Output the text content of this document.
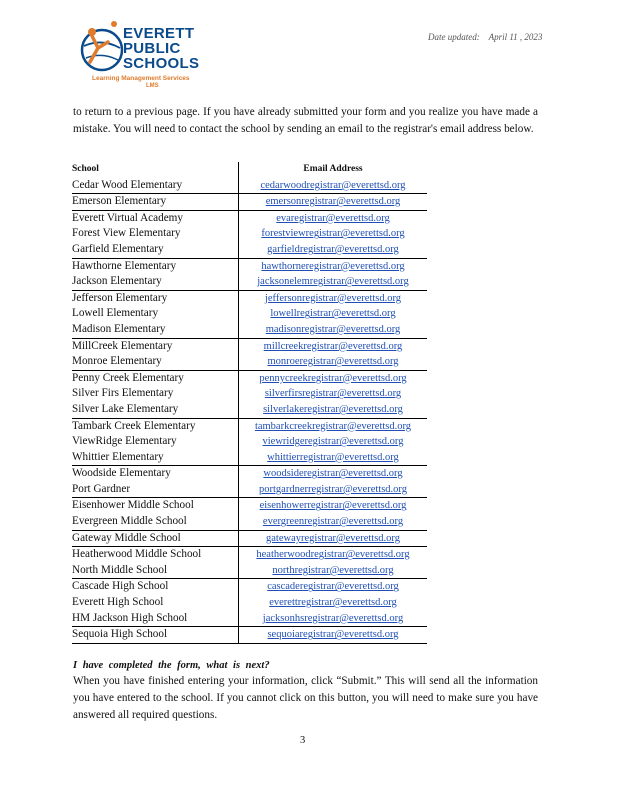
EVERETT
PUBLIC
SCHOOLS
Learning Management Services
LMS
Date updated: April 11 , 2023
to return to a previous page. If you have already submitted your form and you realize you have made a mistake. You will need to contact the school by sending an email to the registrar's email address below.
School	Email Address
Cedar Wood Elementary	cedarwoodregistrar@everettsd.org
Emerson Elementary	emersonregistrar@everettsd.org
Everett Virtual Academy	evaregistrar@everettsd.org
Forest View Elementary	forestviewregistrar@everettsd.org
Garfield Elementary	garfieldregistrar@everettsd.org
Hawthorne Elementary	hawthorneregistrar@everettsd.org
Jackson Elementary	jacksonelemregistrar@everettsd.org
Jefferson Elementary	jeffersonregistrar@everettsd.org
Lowell Elementary	lowellregistrar@everettsd.org
Madison Elementary	madisonregistrar@everettsd.org
MillCreek Elementary	millcreekregistrar@everettsd.org
Monroe Elementary	monroeregistrar@everettsd.org
Penny Creek Elementary	pennycreekregistrar@everettsd.org
Silver Firs Elementary	silverfirsregistrar@everettsd.org
Silver Lake Elementary	silverlakeregistrar@everettsd.org
Tambark Creek Elementary	tambarkcreekregistrar@everettsd.org
ViewRidge Elementary	viewridgeregistrar@everettsd.org
Whittier Elementary	whittierregistrar@everettsd.org
Woodside Elementary	woodsideregistrar@everettsd.org
Port Gardner	portgardnerregistrar@everettsd.org
Eisenhower Middle School	eisenhowerregistrar@everettsd.org
Evergreen Middle School	evergreenregistrar@everettsd.org
Gateway Middle School	gatewayregistrar@everettsd.org
Heatherwood Middle School	heatherwoodregistrar@everettsd.org
North Middle School	northregistrar@everettsd.org
Cascade High School	cascaderegistrar@everettsd.org
Everett High School	everettregistrar@everettsd.org
HM Jackson High School	jacksonhsregistrar@everettsd.org
Sequoia High School	sequoiaregistrar@everettsd.org
I have completed the form, what is next?
When you have finished entering your information, click “Submit.” This will send all the information you have entered to the school. If you cannot click on this button, you will need to make sure you have answered all required questions.
3
